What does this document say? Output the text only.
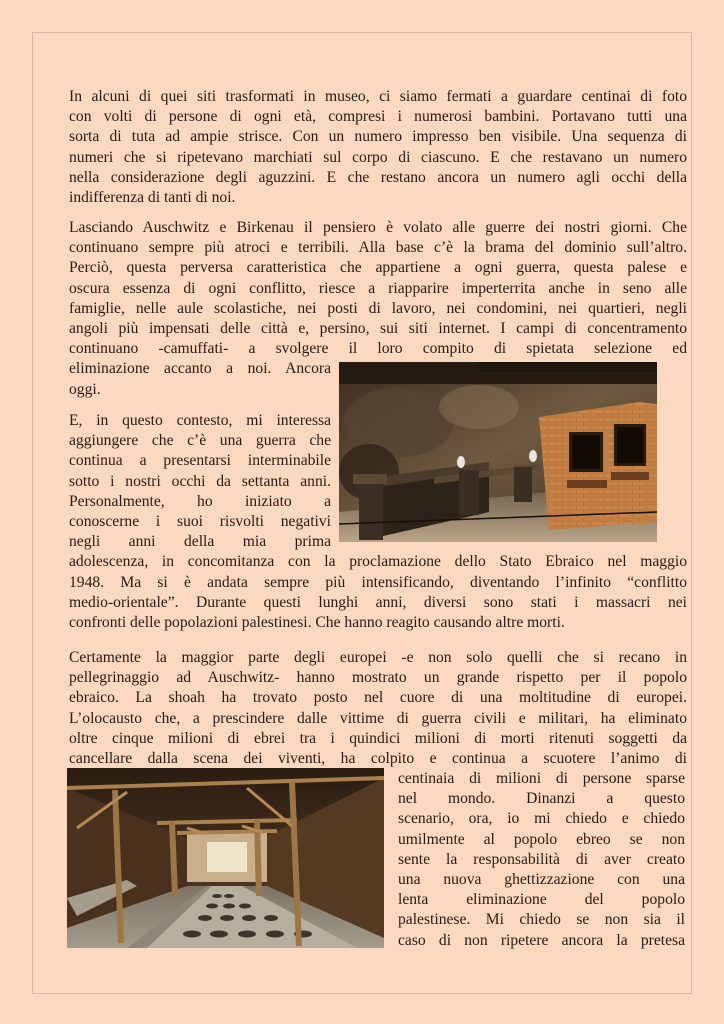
In alcuni di quei siti trasformati in museo, ci siamo fermati a guardare centinai di foto
con volti di persone di ogni età, compresi i numerosi bambini. Portavano tutti una
sorta di tuta ad ampie strisce. Con un numero impresso ben visibile. Una sequenza di
numeri che si ripetevano marchiati sul corpo di ciascuno. E che restavano un numero
nella considerazione degli aguzzini. E che restano ancora un numero agli occhi della
indifferenza di tanti di noi.
Lasciando Auschwitz e Birkenau il pensiero è volato alle guerre dei nostri giorni. Che
continuano sempre più atroci e terribili. Alla base c’è la brama del dominio sull’altro.
Perciò, questa perversa caratteristica che appartiene a ogni guerra, questa palese e
oscura essenza di ogni conflitto, riesce a riapparire imperterrita anche in seno alle
famiglie, nelle aule scolastiche, nei posti di lavoro, nei condomini, nei quartieri, negli
angoli più impensati delle città e, persino, sui siti internet. I campi di concentramento
continuano -camuffati- a svolgere il loro compito di spietata selezione ed
eliminazione accanto a noi. Ancora
oggi.
E, in questo contesto, mi interessa
aggiungere che c’è una guerra che
continua a presentarsi interminabile
sotto i nostri occhi da settanta anni.
Personalmente, ho iniziato a
conoscerne i suoi risvolti negativi
negli anni della mia prima
adolescenza, in concomitanza con la proclamazione dello Stato Ebraico nel maggio
1948. Ma si è andata sempre più intensificando, diventando l’infinito “conflitto
medio-orientale”. Durante questi lunghi anni, diversi sono stati i massacri nei
confronti delle popolazioni palestinesi. Che hanno reagito causando altre morti.
Certamente la maggior parte degli europei -e non solo quelli che si recano in
pellegrinaggio ad Auschwitz- hanno mostrato un grande rispetto per il popolo
ebraico. La shoah ha trovato posto nel cuore di una moltitudine di europei.
L’olocausto che, a prescindere dalle vittime di guerra civili e militari, ha eliminato
oltre cinque milioni di ebrei tra i quindici milioni di morti ritenuti soggetti da
cancellare dalla scena dei viventi, ha colpito e continua a scuotere l’animo di
centinaia di milioni di persone sparse
nel mondo. Dinanzi a questo
scenario, ora, io mi chiedo e chiedo
umilmente al popolo ebreo se non
sente la responsabilità di aver creato
una nuova ghettizzazione con una
lenta eliminazione del popolo
palestinese. Mi chiedo se non sia il
caso di non ripetere ancora la pretesa
